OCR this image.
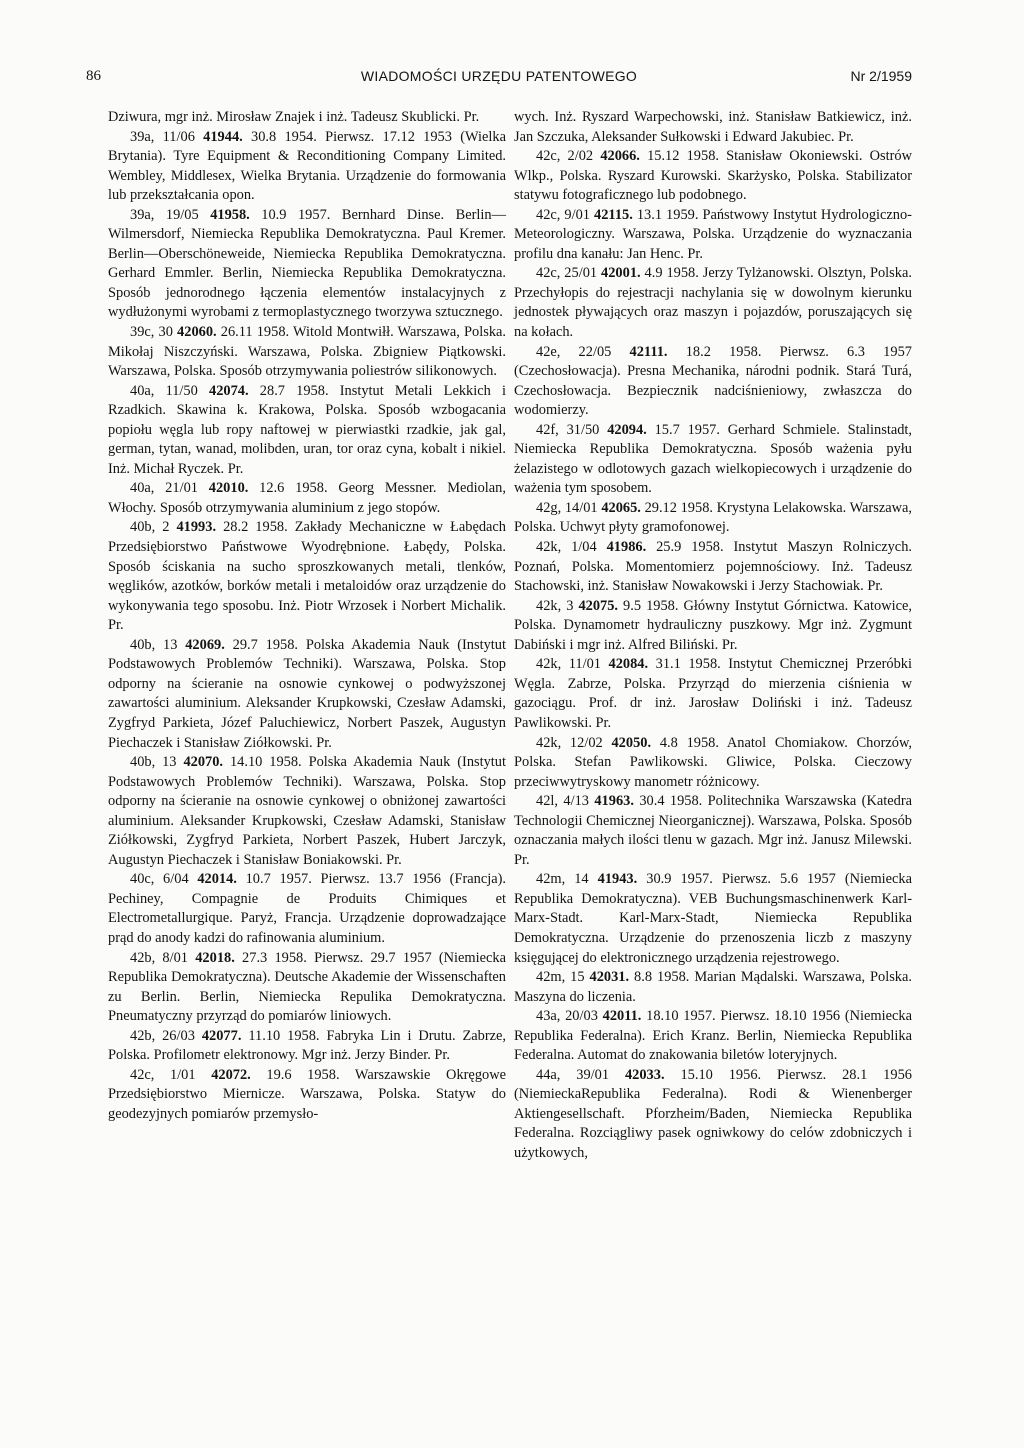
86	WIADOMOŚCI URZĘDU PATENTOWEGO	Nr 2/1959

Dziwura, mgr inż. Mirosław Znajek i inż. Tadeusz Skublicki. Pr.

39a, 11/06 41944. 30.8 1954. Pierwsz. 17.12 1953 (Wielka Brytania). Tyre Equipment & Reconditioning Company Limited. Wembley, Middlesex, Wielka Brytania. Urządzenie do formowania lub przekształcania opon.

39a, 19/05 41958. 10.9 1957. Bernhard Dinse. Berlin—Wilmersdorf, Niemiecka Republika Demokratyczna. Paul Kremer. Berlin—Oberschöneweide, Niemiecka Republika Demokratyczna. Gerhard Emmler. Berlin, Niemiecka Republika Demokratyczna. Sposób jednorodnego łączenia elementów instalacyjnych z wydłużonymi wyrobami z termoplastycznego tworzywa sztucznego.

39c, 30 42060. 26.11 1958. Witold Montwiłł. Warszawa, Polska. Mikołaj Niszczyński. Warszawa, Polska. Zbigniew Piątkowski. Warszawa, Polska. Sposób otrzymywania poliestrów silikonowych.

40a, 11/50 42074. 28.7 1958. Instytut Metali Lekkich i Rzadkich. Skawina k. Krakowa, Polska. Sposób wzbogacania popiołu węgla lub ropy naftowej w pierwiastki rzadkie, jak gal, german, tytan, wanad, molibden, uran, tor oraz cyna, kobalt i nikiel. Inż. Michał Ryczek. Pr.

40a, 21/01 42010. 12.6 1958. Georg Messner. Mediolan, Włochy. Sposób otrzymywania aluminium z jego stopów.

40b, 2 41993. 28.2 1958. Zakłady Mechaniczne w Łabędach Przedsiębiorstwo Państwowe Wyodrębnione. Łabędy, Polska. Sposób ściskania na sucho sproszkowanych metali, tlenków, węglików, azotków, borków metali i metaloidów oraz urządzenie do wykonywania tego sposobu. Inż. Piotr Wrzosek i Norbert Michalik. Pr.

40b, 13 42069. 29.7 1958. Polska Akademia Nauk (Instytut Podstawowych Problemów Techniki). Warszawa, Polska. Stop odporny na ścieranie na osnowie cynkowej o podwyższonej zawartości aluminium. Aleksander Krupkowski, Czesław Adamski, Zygfryd Parkieta, Józef Paluchiewicz, Norbert Paszek, Augustyn Piechaczek i Stanisław Ziółkowski. Pr.

40b, 13 42070. 14.10 1958. Polska Akademia Nauk (Instytut Podstawowych Problemów Techniki). Warszawa, Polska. Stop odporny na ścieranie na osnowie cynkowej o obniżonej zawartości aluminium. Aleksander Krupkowski, Czesław Adamski, Stanisław Ziółkowski, Zygfryd Parkieta, Norbert Paszek, Hubert Jarczyk, Augustyn Piechaczek i Stanisław Boniakowski. Pr.

40c, 6/04 42014. 10.7 1957. Pierwsz. 13.7 1956 (Francja). Pechiney, Compagnie de Produits Chimiques et Electrometallurgique. Paryż, Francja. Urządzenie doprowadzające prąd do anody kadzi do rafinowania aluminium.

42b, 8/01 42018. 27.3 1958. Pierwsz. 29.7 1957 (Niemiecka Republika Demokratyczna). Deutsche Akademie der Wissenschaften zu Berlin. Berlin, Niemiecka Repulika Demokratyczna. Pneumatyczny przyrząd do pomiarów liniowych.

42b, 26/03 42077. 11.10 1958. Fabryka Lin i Drutu. Zabrze, Polska. Profilometr elektronowy. Mgr inż. Jerzy Binder. Pr.

42c, 1/01 42072. 19.6 1958. Warszawskie Okręgowe Przedsiębiorstwo Miernicze. Warszawa, Polska. Statyw do geodezyjnych pomiarów przemysło-

wych. Inż. Ryszard Warpechowski, inż. Stanisław Batkiewicz, inż. Jan Szczuka, Aleksander Sułkowski i Edward Jakubiec. Pr.

42c, 2/02 42066. 15.12 1958. Stanisław Okoniewski. Ostrów Wlkp., Polska. Ryszard Kurowski. Skarżysko, Polska. Stabilizator statywu fotograficznego lub podobnego.

42c, 9/01 42115. 13.1 1959. Państwowy Instytut Hydrologiczno-Meteorologiczny. Warszawa, Polska. Urządzenie do wyznaczania profilu dna kanału: Jan Henc. Pr.

42c, 25/01 42001. 4.9 1958. Jerzy Tylżanowski. Olsztyn, Polska. Przechyłopis do rejestracji nachylania się w dowolnym kierunku jednostek pływających oraz maszyn i pojazdów, poruszających się na kołach.

42e, 22/05 42111. 18.2 1958. Pierwsz. 6.3 1957 (Czechosłowacja). Presna Mechanika, národni podnik. Stará Turá, Czechosłowacja. Bezpiecznik nadciśnieniowy, zwłaszcza do wodomierzy.

42f, 31/50 42094. 15.7 1957. Gerhard Schmiele. Stalinstadt, Niemiecka Republika Demokratyczna. Sposób ważenia pyłu żelazistego w odlotowych gazach wielkopiecowych i urządzenie do ważenia tym sposobem.

42g, 14/01 42065. 29.12 1958. Krystyna Lelakowska. Warszawa, Polska. Uchwyt płyty gramofonowej.

42k, 1/04 41986. 25.9 1958. Instytut Maszyn Rolniczych. Poznań, Polska. Momentomierz pojemnościowy. Inż. Tadeusz Stachowski, inż. Stanisław Nowakowski i Jerzy Stachowiak. Pr.

42k, 3 42075. 9.5 1958. Główny Instytut Górnictwa. Katowice, Polska. Dynamometr hydrauliczny puszkowy. Mgr inż. Zygmunt Dabiński i mgr inż. Alfred Biliński. Pr.

42k, 11/01 42084. 31.1 1958. Instytut Chemicznej Przeróbki Węgla. Zabrze, Polska. Przyrząd do mierzenia ciśnienia w gazociągu. Prof. dr inż. Jarosław Doliński i inż. Tadeusz Pawlikowski. Pr.

42k, 12/02 42050. 4.8 1958. Anatol Chomiakow. Chorzów, Polska. Stefan Pawlikowski. Gliwice, Polska. Cieczowy przeciwwytryskowy manometr różnicowy.

42l, 4/13 41963. 30.4 1958. Politechnika Warszawska (Katedra Technologii Chemicznej Nieorganicznej). Warszawa, Polska. Sposób oznaczania małych ilości tlenu w gazach. Mgr inż. Janusz Milewski. Pr.

42m, 14 41943. 30.9 1957. Pierwsz. 5.6 1957 (Niemiecka Republika Demokratyczna). VEB Buchungsmaschinenwerk Karl-Marx-Stadt. Karl-Marx-Stadt, Niemiecka Republika Demokratyczna. Urządzenie do przenoszenia liczb z maszyny księgującej do elektronicznego urządzenia rejestrowego.

42m, 15 42031. 8.8 1958. Marian Mądalski. Warszawa, Polska. Maszyna do liczenia.

43a, 20/03 42011. 18.10 1957. Pierwsz. 18.10 1956 (Niemiecka Republika Federalna). Erich Kranz. Berlin, Niemiecka Republika Federalna. Automat do znakowania biletów loteryjnych.

44a, 39/01 42033. 15.10 1956. Pierwsz. 28.1 1956 (NiemieckaRepublika Federalna). Rodi & Wienenberger Aktiengesellschaft. Pforzheim/Baden, Niemiecka Republika Federalna. Rozciągliwy pasek ogniwkowy do celów zdobniczych i użytkowych,
